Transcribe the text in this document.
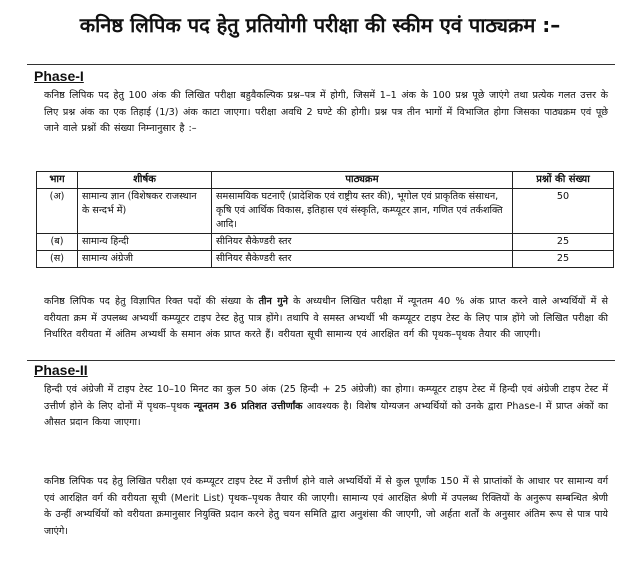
कनिष्ठ लिपिक पद हेतु प्रतियोगी परीक्षा की स्कीम एवं पाठ्यक्रम :–
Phase-I
कनिष्ठ लिपिक पद हेतु 100 अंक की लिखित परीक्षा बहुवैकल्पिक प्रश्न–पत्र में होगी, जिसमें 1–1 अंक के 100 प्रश्न पूछे जाएंगे तथा प्रत्येक गलत उत्तर के लिए प्रश्न अंक का एक तिहाई (1/3) अंक काटा जाएगा। परीक्षा अवधि 2 घण्टे की होगी। प्रश्न पत्र तीन भागों में विभाजित होगा जिसका पाठ्यक्रम एवं पूछे जाने वाले प्रश्नों की संख्या निम्नानुसार है :–
भाग	शीर्षक	पाठ्यक्रम	प्रश्नों की संख्या
(अ)	सामान्य ज्ञान (विशेषकर राजस्थान के सन्दर्भ में)	समसामयिक घटनाएँ (प्रादेशिक एवं राष्ट्रीय स्तर की), भूगोल एवं प्राकृतिक संसाधन, कृषि एवं आर्थिक विकास, इतिहास एवं संस्कृति, कम्प्यूटर ज्ञान, गणित एवं तर्कशक्ति आदि।	50
(ब)	सामान्य हिन्दी	सीनियर सैकेण्डरी स्तर	25
(स)	सामान्य अंग्रेजी	सीनियर सैकेण्डरी स्तर	25
कनिष्ठ लिपिक पद हेतु विज्ञापित रिक्त पदों की संख्या के तीन गुने के अध्यधीन लिखित परीक्षा में न्यूनतम 40 % अंक प्राप्त करने वाले अभ्यर्थियों में से वरीयता क्रम में उपलब्ध अभ्यर्थी कम्प्यूटर टाइप टेस्ट हेतु पात्र होंगे। तथापि वे समस्त अभ्यर्थी भी कम्प्यूटर टाइप टेस्ट के लिए पात्र होंगे जो लिखित परीक्षा की निर्धारित वरीयता में अंतिम अभ्यर्थी के समान अंक प्राप्त करते हैं। वरीयता सूची सामान्य एवं आरक्षित वर्ग की पृथक–पृथक तैयार की जाएगी।
Phase-II
हिन्दी एवं अंग्रेजी में टाइप टेस्ट 10–10 मिनट का कुल 50 अंक (25 हिन्दी + 25 अंग्रेजी) का होगा। कम्प्यूटर टाइप टेस्ट में हिन्दी एवं अंग्रेजी टाइप टेस्ट में उत्तीर्ण होने के लिए दोनों में पृथक–पृथक न्यूनतम 36 प्रतिशत उत्तीर्णांक आवश्यक है। विशेष योग्यजन अभ्यर्थियों को उनके द्वारा Phase-I में प्राप्त अंकों का औसत प्रदान किया जाएगा।
कनिष्ठ लिपिक पद हेतु लिखित परीक्षा एवं कम्प्यूटर टाइप टेस्ट में उत्तीर्ण होने वाले अभ्यर्थियों में से कुल पूर्णांक 150 में से प्राप्तांकों के आधार पर सामान्य वर्ग एवं आरक्षित वर्ग की वरीयता सूची (Merit List) पृथक–पृथक तैयार की जाएगी। सामान्य एवं आरक्षित श्रेणी में उपलब्ध रिक्तियों के अनुरूप सम्बन्धित श्रेणी के उन्हीं अभ्यर्थियों को वरीयता क्रमानुसार नियुक्ति प्रदान करने हेतु चयन समिति द्वारा अनुशंसा की जाएगी, जो अर्हता शर्तों के अनुसार अंतिम रूप से पात्र पाये जाएंगे।
